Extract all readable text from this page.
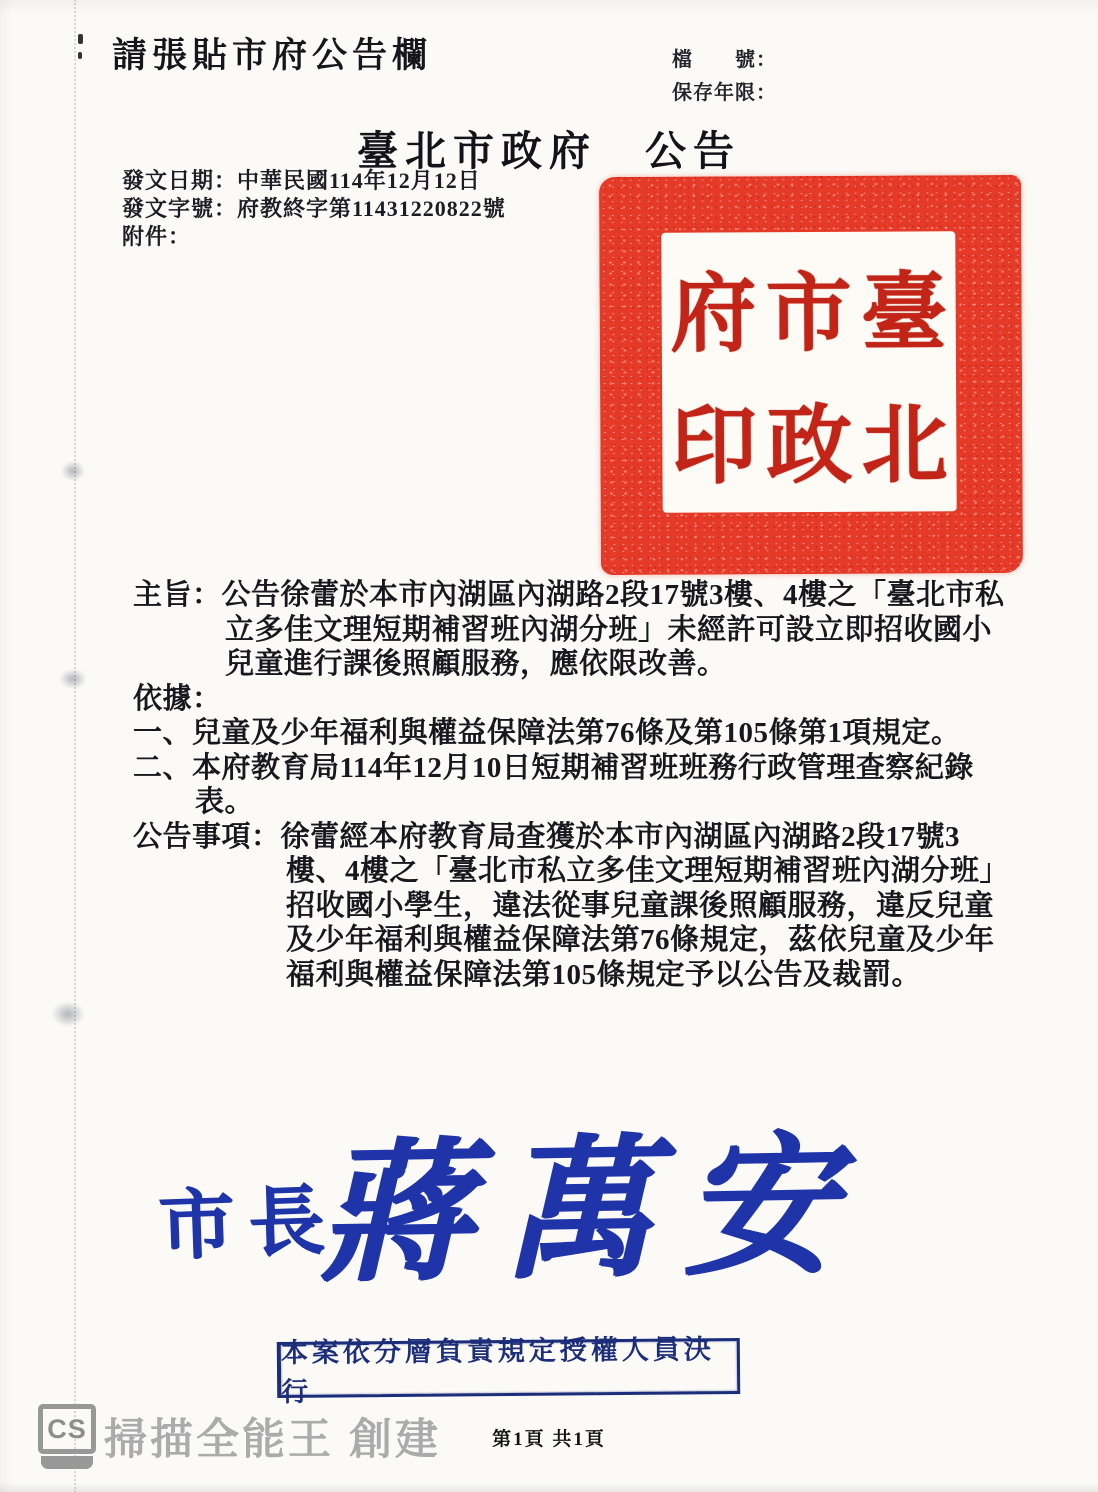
請張貼市府公告欄	檔　　號：
保存年限：
臺北市政府　公告
發文日期：中華民國114年12月12日
發文字號：府教終字第11431220822號
附件：
府 市 臺
印 政 北

主旨：公告徐蕾於本市內湖區內湖路2段17號3樓、4樓之「臺北市私立多佳文理短期補習班內湖分班」未經許可設立即招收國小兒童進行課後照顧服務，應依限改善。

依據：

一、兒童及少年福利與權益保障法第76條及第105條第1項規定。

二、本府教育局114年12月10日短期補習班班務行政管理查察紀錄表。

公告事項：徐蕾經本府教育局查獲於本市內湖區內湖路2段17號3樓、4樓之「臺北市私立多佳文理短期補習班內湖分班」招收國小學生，違法從事兒童課後照顧服務，違反兒童及少年福利與權益保障法第76條規定，茲依兒童及少年福利與權益保障法第105條規定予以公告及裁罰。

市長
蔣萬安
本案依分層負責規定授權人員決行
CS 掃描全能王 創建	第1頁 共1頁
